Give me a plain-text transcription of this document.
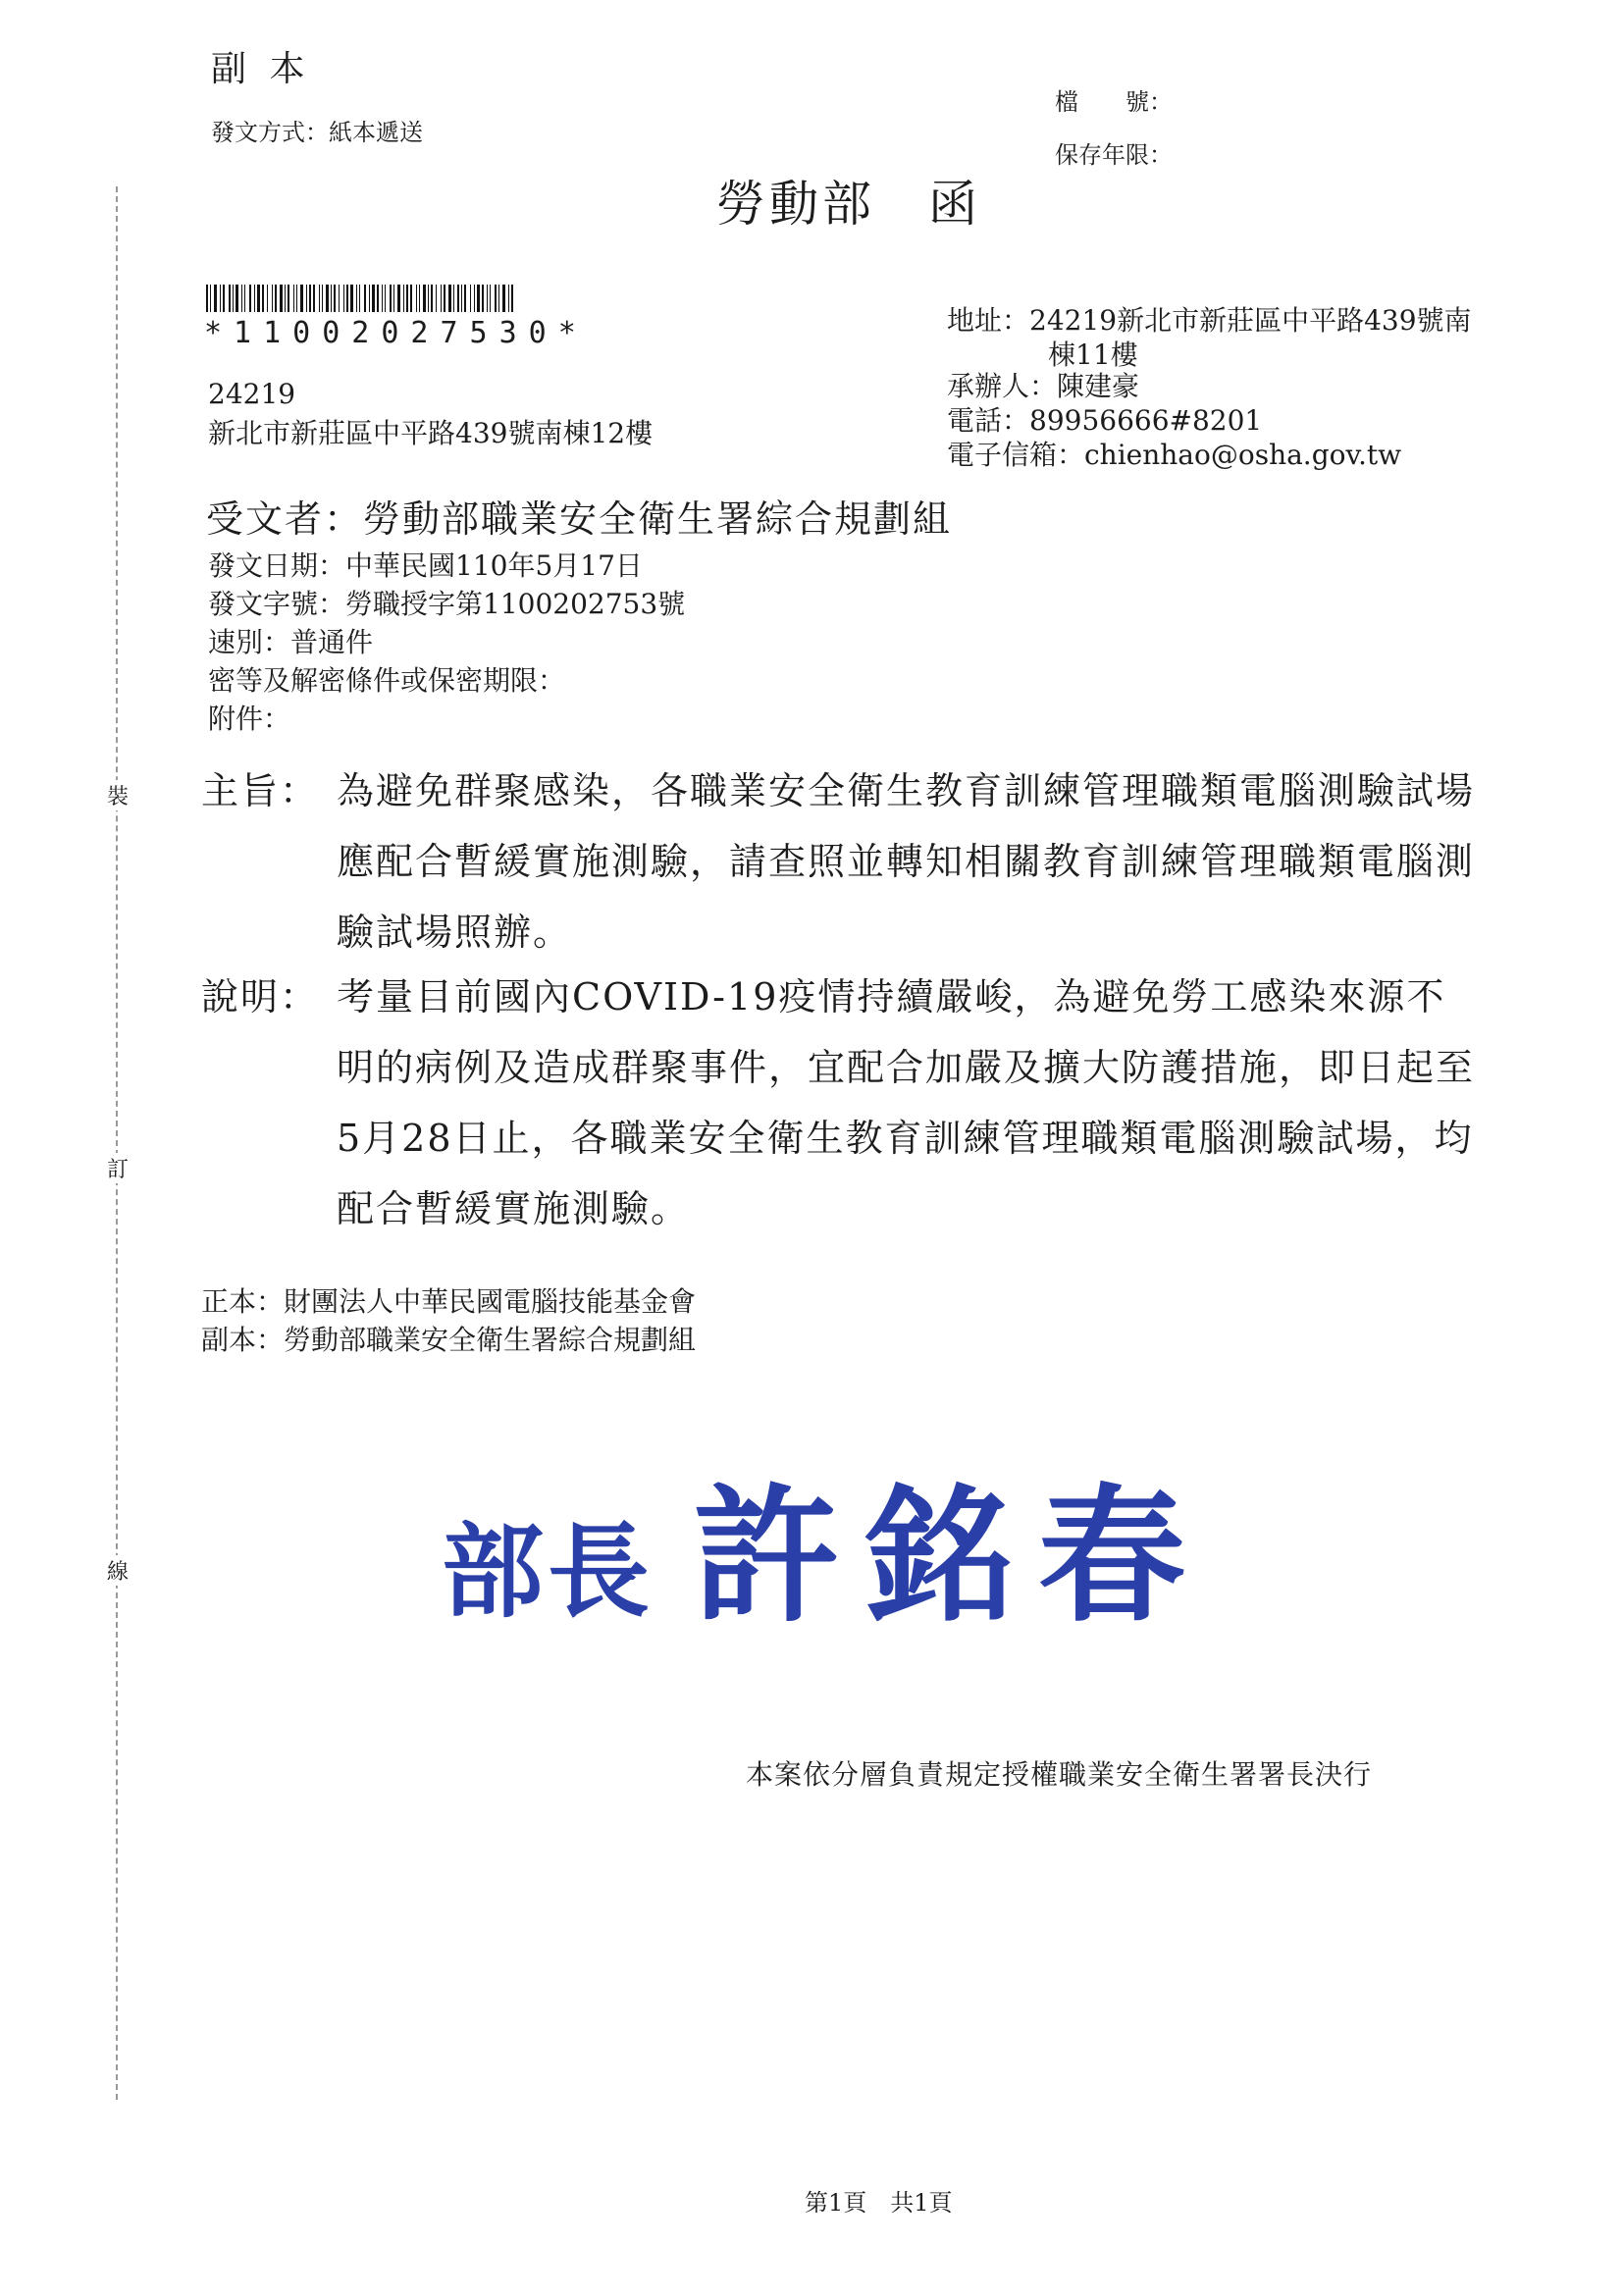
裝
訂
線
副 本
發文方式：紙本遞送
檔　　號：
保存年限：
勞動部　函
*11002027530*
24219
新北市新莊區中平路439號南棟12樓
地址：24219新北市新莊區中平路439號南
棟11樓
承辦人：陳建豪
電話：89956666#8201
電子信箱：chienhao@osha.gov.tw
受文者：勞動部職業安全衛生署綜合規劃組
發文日期：中華民國110年5月17日
發文字號：勞職授字第1100202753號
速別：普通件
密等及解密條件或保密期限：
附件：
主旨： 為避免群聚感染，各職業安全衛生教育訓練管理職類電腦測驗試場應配合暫緩實施測驗，請查照並轉知相關教育訓練管理職類電腦測驗試場照辦。
說明： 考量目前國內COVID-19疫情持續嚴峻，為避免勞工感染來源不明的病例及造成群聚事件，宜配合加嚴及擴大防護措施，即日起至5月28日止，各職業安全衛生教育訓練管理職類電腦測驗試場，均配合暫緩實施測驗。
正本：財團法人中華民國電腦技能基金會
副本：勞動部職業安全衛生署綜合規劃組
部長 許銘春
本案依分層負責規定授權職業安全衛生署署長決行
第1頁　共1頁
